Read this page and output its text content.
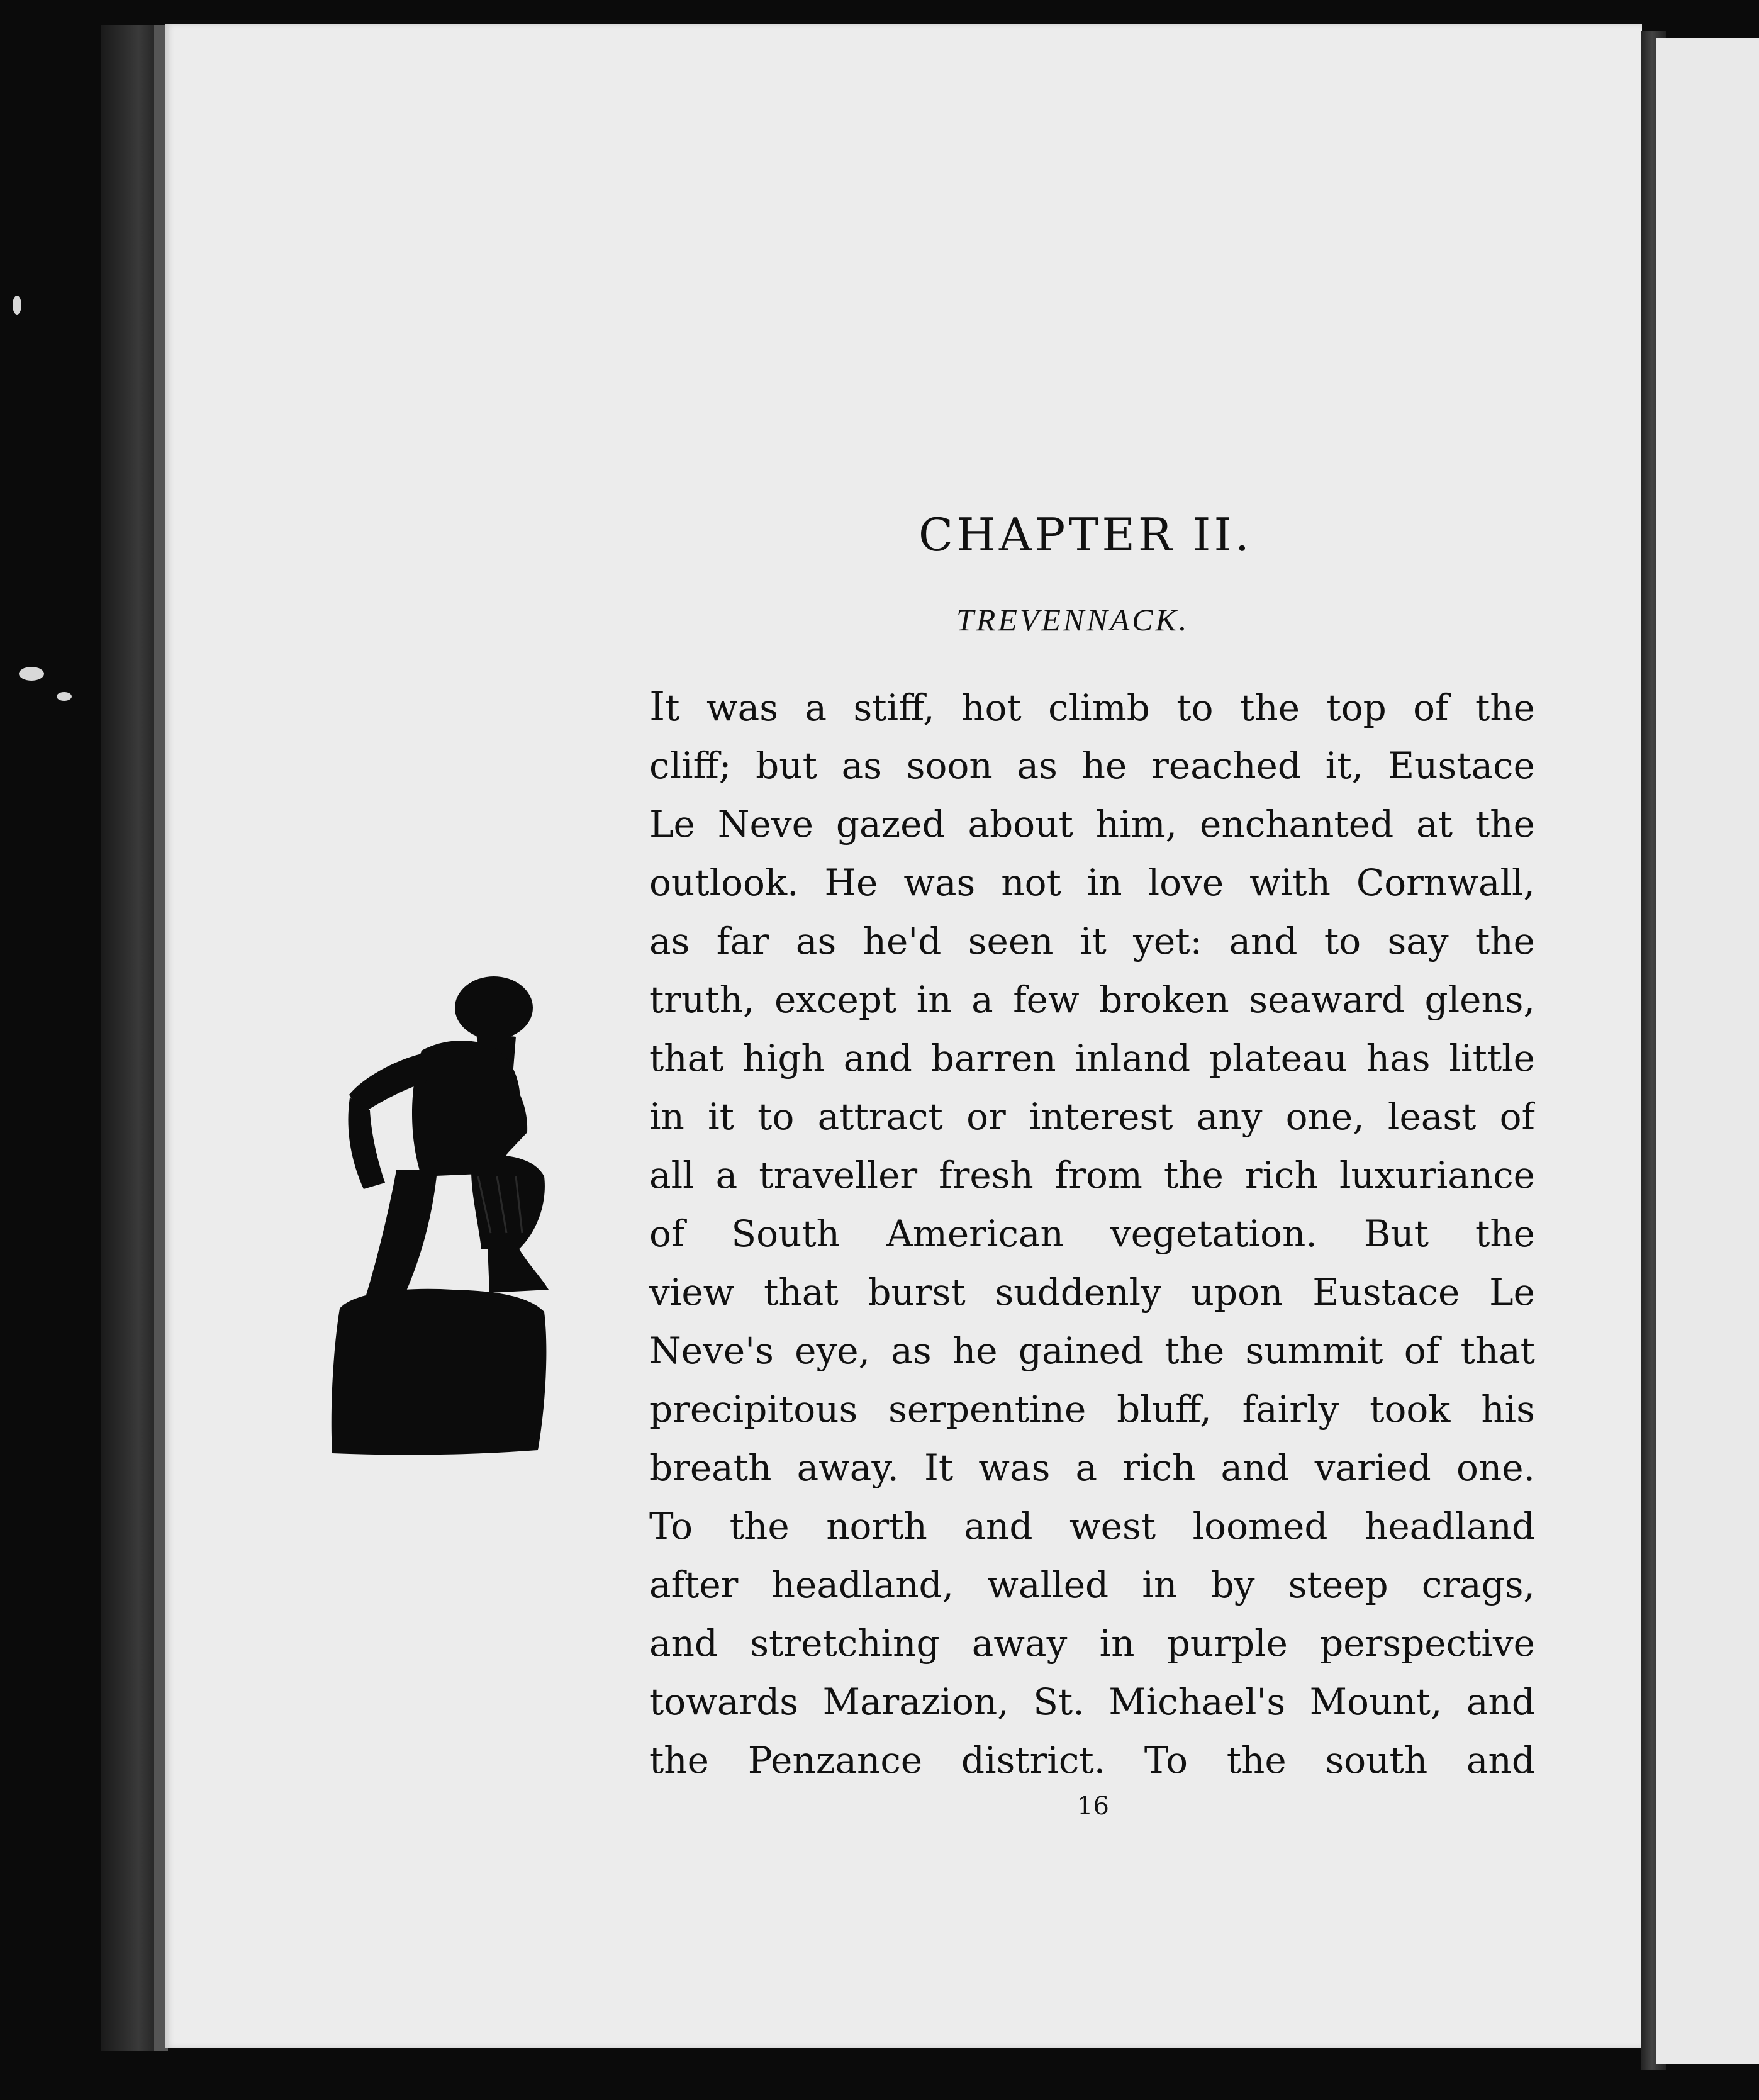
CHAPTER II.
TREVENNACK.
It was a stiff, hot climb to the top of the
cliff; but as soon as he reached it, Eustace
Le Neve gazed about him, enchanted at the
outlook. He was not in love with Cornwall,
as far as he'd seen it yet: and to say the
truth, except in a few broken seaward glens,
that high and barren inland plateau has little
in it to attract or interest any one, least of
all a traveller fresh from the rich luxuriance
of South American vegetation. But the
view that burst suddenly upon Eustace Le
Neve's eye, as he gained the summit of that
precipitous serpentine bluff, fairly took his
breath away. It was a rich and varied one.
To the north and west loomed headland
after headland, walled in by steep crags,
and stretching away in purple perspective
towards Marazion, St. Michael's Mount, and
the Penzance district. To the south and
16
